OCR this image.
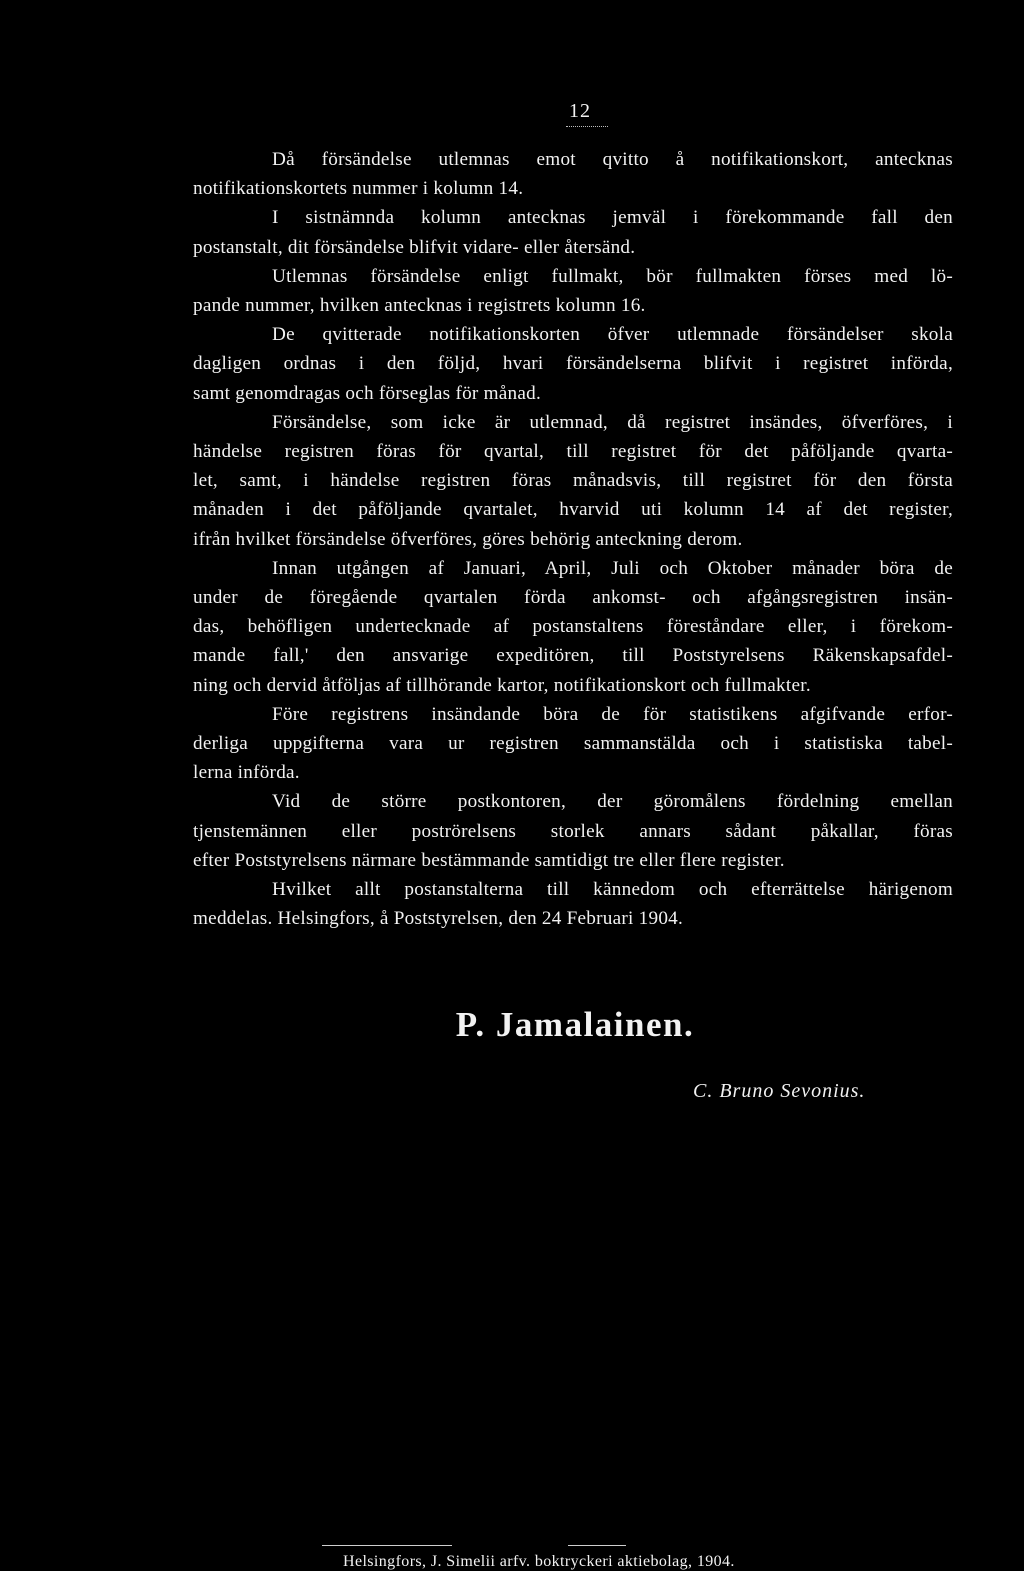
12

Då försändelse utlemnas emot qvitto å notifikationskort, antecknas
notifikationskortets nummer i kolumn 14.

I sistnämnda kolumn antecknas jemväl i förekommande fall den
postanstalt, dit försändelse blifvit vidare- eller återsänd.

Utlemnas försändelse enligt fullmakt, bör fullmakten förses med lö-
pande nummer, hvilken antecknas i registrets kolumn 16.

De qvitterade notifikationskorten öfver utlemnade försändelser skola
dagligen ordnas i den följd, hvari försändelserna blifvit i registret införda,
samt genomdragas och förseglas för månad.

Försändelse, som icke är utlemnad, då registret insändes, öfverföres, i
händelse registren föras för qvartal, till registret för det påföljande qvarta-
let, samt, i händelse registren föras månadsvis, till registret för den första
månaden i det påföljande qvartalet, hvarvid uti kolumn 14 af det register,
ifrån hvilket försändelse öfverföres, göres behörig anteckning derom.

Innan utgången af Januari, April, Juli och Oktober månader böra de
under de föregående qvartalen förda ankomst- och afgångsregistren insän-
das, behöfligen undertecknade af postanstaltens föreståndare eller, i förekom-
mande fall,' den ansvarige expeditören, till Poststyrelsens Räkenskapsafdel-
ning och dervid åtföljas af tillhörande kartor, notifikationskort och fullmakter.

Före registrens insändande böra de för statistikens afgifvande erfor-
derliga uppgifterna vara ur registren sammanstälda och i statistiska tabel-
lerna införda.

Vid de större postkontoren, der göromålens fördelning emellan
tjenstemännen eller poströrelsens storlek annars sådant påkallar, föras
efter Poststyrelsens närmare bestämmande samtidigt tre eller flere register.

Hvilket allt postanstalterna till kännedom och efterrättelse härigenom
meddelas. Helsingfors, å Poststyrelsen, den 24 Februari 1904.

P. Jamalainen.
C. Bruno Sevonius.
Helsingfors, J. Simelii arfv. boktryckeri aktiebolag, 1904.
